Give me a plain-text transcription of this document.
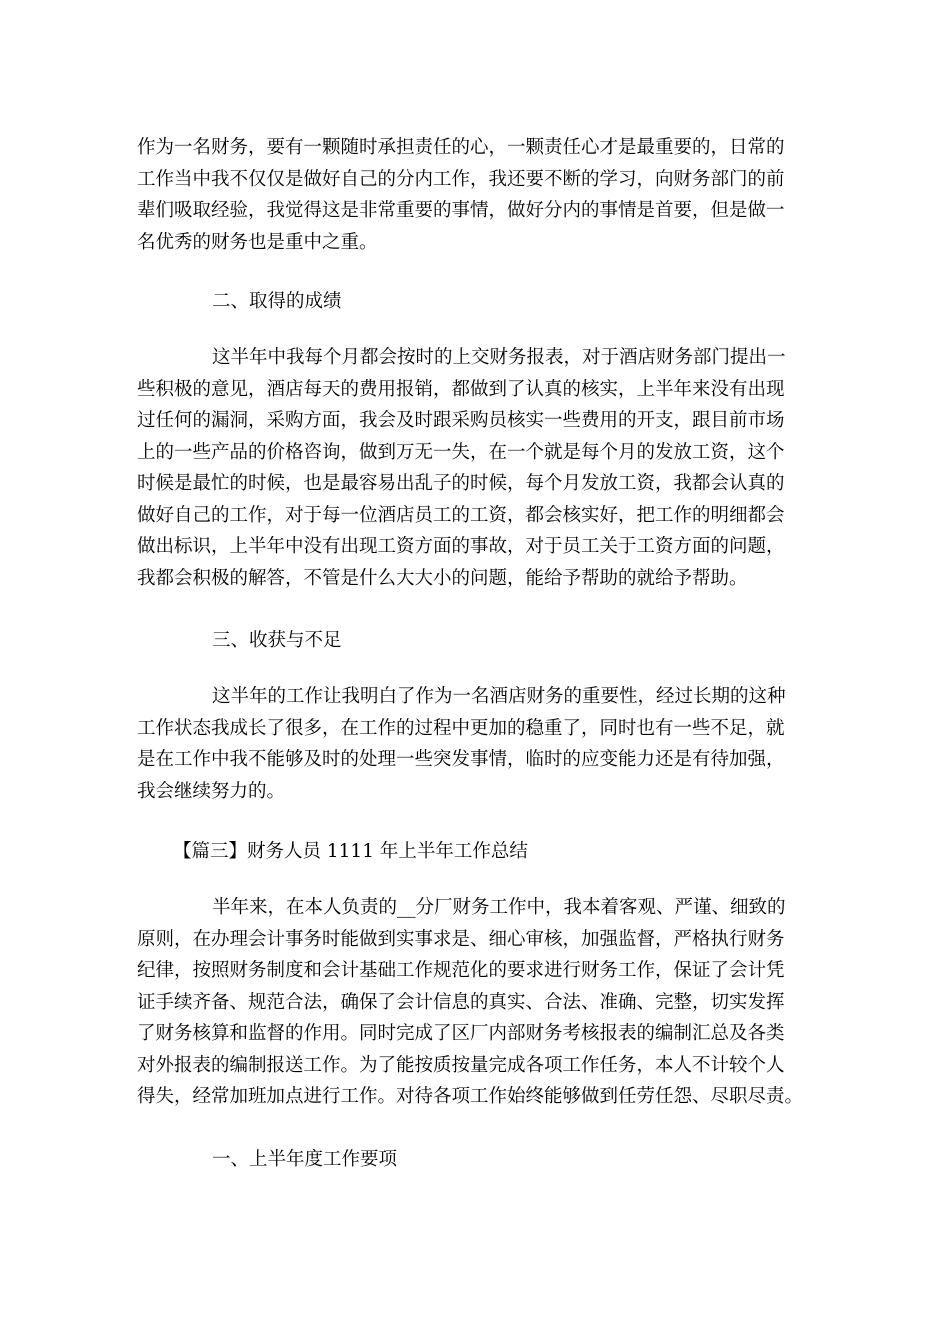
作为一名财务，要有一颗随时承担责任的心，一颗责任心才是最重要的，日常的
工作当中我不仅仅是做好自己的分内工作，我还要不断的学习，向财务部门的前
辈们吸取经验，我觉得这是非常重要的事情，做好分内的事情是首要，但是做一
名优秀的财务也是重中之重。
二、取得的成绩
这半年中我每个月都会按时的上交财务报表，对于酒店财务部门提出一
些积极的意见，酒店每天的费用报销，都做到了认真的核实，上半年来没有出现
过任何的漏洞，采购方面，我会及时跟采购员核实一些费用的开支，跟目前市场
上的一些产品的价格咨询，做到万无一失，在一个就是每个月的发放工资，这个
时候是最忙的时候，也是最容易出乱子的时候，每个月发放工资，我都会认真的
做好自己的工作，对于每一位酒店员工的工资，都会核实好，把工作的明细都会
做出标识，上半年中没有出现工资方面的事故，对于员工关于工资方面的问题，
我都会积极的解答，不管是什么大大小的问题，能给予帮助的就给予帮助。
三、收获与不足
这半年的工作让我明白了作为一名酒店财务的重要性，经过长期的这种
工作状态我成长了很多，在工作的过程中更加的稳重了，同时也有一些不足，就
是在工作中我不能够及时的处理一些突发事情，临时的应变能力还是有待加强，
我会继续努力的。
【篇三】财务人员 1111 年上半年工作总结
半年来，在本人负责的__分厂财务工作中，我本着客观、严谨、细致的
原则，在办理会计事务时能做到实事求是、细心审核，加强监督，严格执行财务
纪律，按照财务制度和会计基础工作规范化的要求进行财务工作，保证了会计凭
证手续齐备、规范合法，确保了会计信息的真实、合法、准确、完整，切实发挥
了财务核算和监督的作用。同时完成了区厂内部财务考核报表的编制汇总及各类
对外报表的编制报送工作。为了能按质按量完成各项工作任务，本人不计较个人
得失，经常加班加点进行工作。对待各项工作始终能够做到任劳任怨、尽职尽责。
一、上半年度工作要项
